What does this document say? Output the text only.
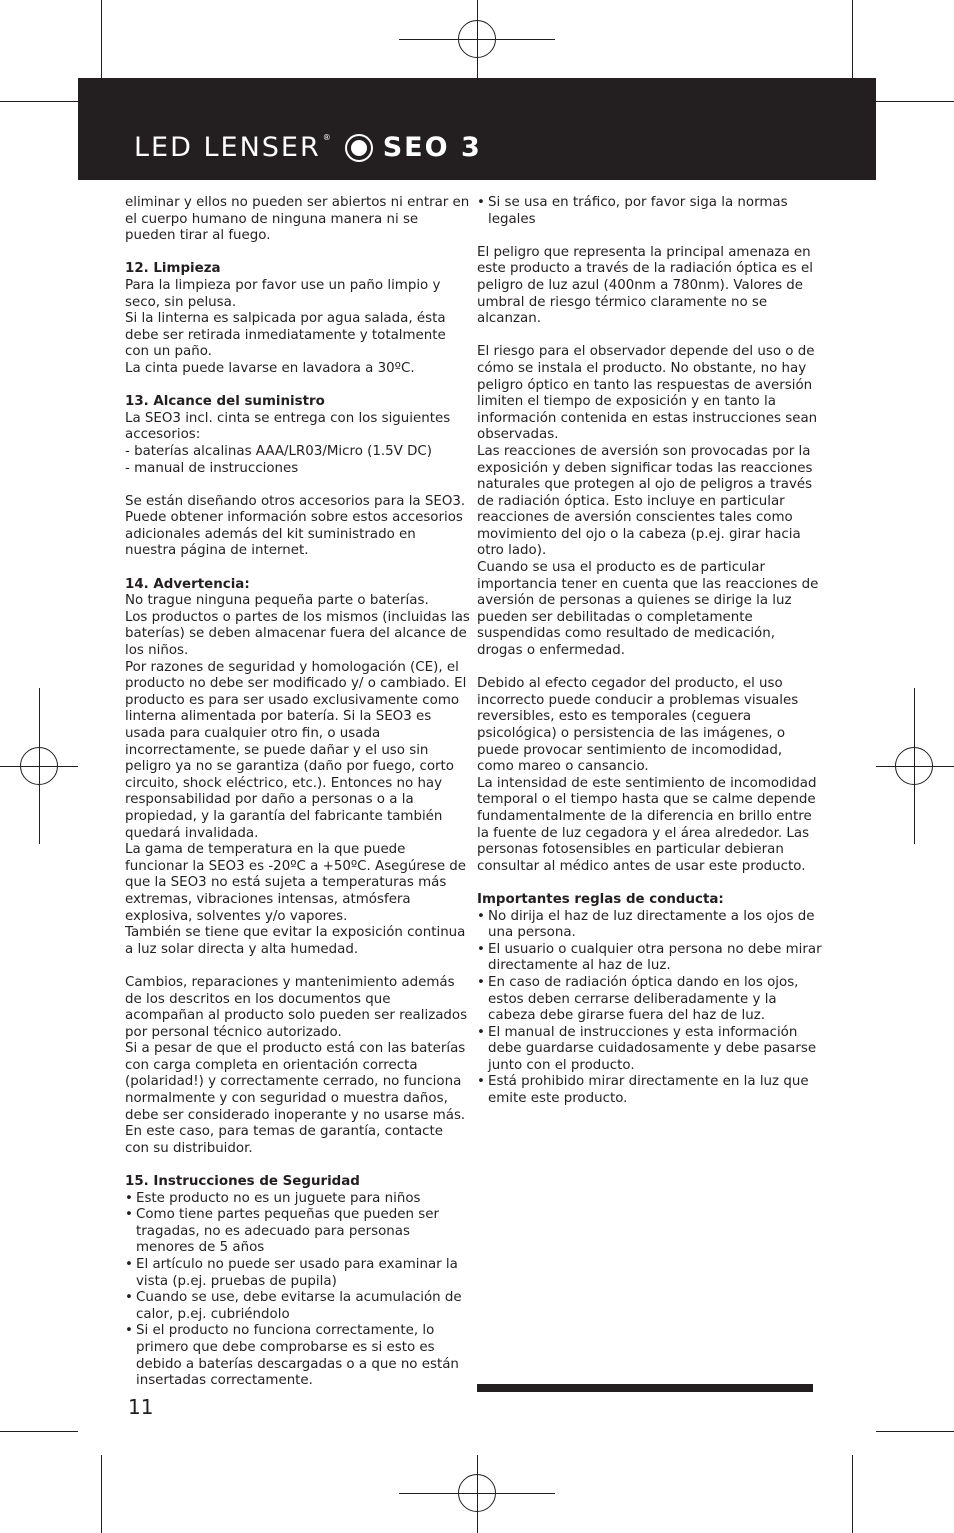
LED LENSER ® SEO 3

eliminar y ellos no pueden ser abiertos ni entrar en el cuerpo humano de ninguna manera ni se pueden tirar al fuego.

12. Limpieza
Para la limpieza por favor use un paño limpio y seco, sin pelusa.
Si la linterna es salpicada por agua salada, ésta debe ser retirada inmediatamente y totalmente con un paño.
La cinta puede lavarse en lavadora a 30ºC.
13. Alcance del suministro
La SEO3 incl. cinta se entrega con los siguientes accesorios:
- baterías alcalinas AAA/LR03/Micro (1.5V DC)
- manual de instrucciones

Se están diseñando otros accesorios para la SEO3. Puede obtener información sobre estos accesorios adicionales además del kit suministrado en nuestra página de internet.

14. Advertencia:
No trague ninguna pequeña parte o baterías.
Los productos o partes de los mismos (incluidas las baterías) se deben almacenar fuera del alcance de los niños.
Por razones de seguridad y homologación (CE), el producto no debe ser modificado y/ o cambiado. El producto es para ser usado exclusivamente como linterna alimentada por batería. Si la SEO3 es usada para cualquier otro fin, o usada incorrectamente, se puede dañar y el uso sin peligro ya no se garantiza (daño por fuego, corto circuito, shock eléctrico, etc.). Entonces no hay responsabilidad por daño a personas o a la propiedad, y la garantía del fabricante también quedará invalidada.
La gama de temperatura en la que puede funcionar la SEO3 es -20ºC a +50ºC. Asegúrese de que la SEO3 no está sujeta a temperaturas más extremas, vibraciones intensas, atmósfera explosiva, solventes y/o vapores.
También se tiene que evitar la exposición continua a luz solar directa y alta humedad.
Cambios, reparaciones y mantenimiento además de los descritos en los documentos que acompañan al producto solo pueden ser realizados por personal técnico autorizado.
Si a pesar de que el producto está con las baterías con carga completa en orientación correcta (polaridad!) y correctamente cerrado, no funciona normalmente y con seguridad o muestra daños, debe ser considerado inoperante y no usarse más. En este caso, para temas de garantía, contacte con su distribuidor.
15. Instrucciones de Seguridad
• Este producto no es un juguete para niños
• Como tiene partes pequeñas que pueden ser tragadas, no es adecuado para personas menores de 5 años
• El artículo no puede ser usado para examinar la vista (p.ej. pruebas de pupila)
• Cuando se use, debe evitarse la acumulación de calor, p.ej. cubriéndolo
• Si el producto no funciona correctamente, lo primero que debe comprobarse es si esto es debido a baterías descargadas o a que no están insertadas correctamente.
• Si se usa en tráfico, por favor siga la normas legales

El peligro que representa la principal amenaza en este producto a través de la radiación óptica es el peligro de luz azul (400nm a 780nm). Valores de umbral de riesgo térmico claramente no se alcanzan.

El riesgo para el observador depende del uso o de cómo se instala el producto. No obstante, no hay peligro óptico en tanto las respuestas de aversión limiten el tiempo de exposición y en tanto la información contenida en estas instrucciones sean observadas.
Las reacciones de aversión son provocadas por la exposición y deben significar todas las reacciones naturales que protegen al ojo de peligros a través de radiación óptica. Esto incluye en particular reacciones de aversión conscientes tales como movimiento del ojo o la cabeza (p.ej. girar hacia otro lado).
Cuando se usa el producto es de particular importancia tener en cuenta que las reacciones de aversión de personas a quienes se dirige la luz pueden ser debilitadas o completamente suspendidas como resultado de medicación, drogas o enfermedad.
Debido al efecto cegador del producto, el uso incorrecto puede conducir a problemas visuales reversibles, esto es temporales (ceguera psicológica) o persistencia de las imágenes, o puede provocar sentimiento de incomodidad, como mareo o cansancio.
La intensidad de este sentimiento de incomodidad temporal o el tiempo hasta que se calme depende fundamentalmente de la diferencia en brillo entre la fuente de luz cegadora y el área alrededor. Las personas fotosensibles en particular debieran consultar al médico antes de usar este producto.
Importantes reglas de conducta:
• No dirija el haz de luz directamente a los ojos de una persona.
• El usuario o cualquier otra persona no debe mirar directamente al haz de luz.
• En caso de radiación óptica dando en los ojos, estos deben cerrarse deliberadamente y la cabeza debe girarse fuera del haz de luz.
• El manual de instrucciones y esta información debe guardarse cuidadosamente y debe pasarse junto con el producto.
• Está prohibido mirar directamente en la luz que emite este producto.
11
